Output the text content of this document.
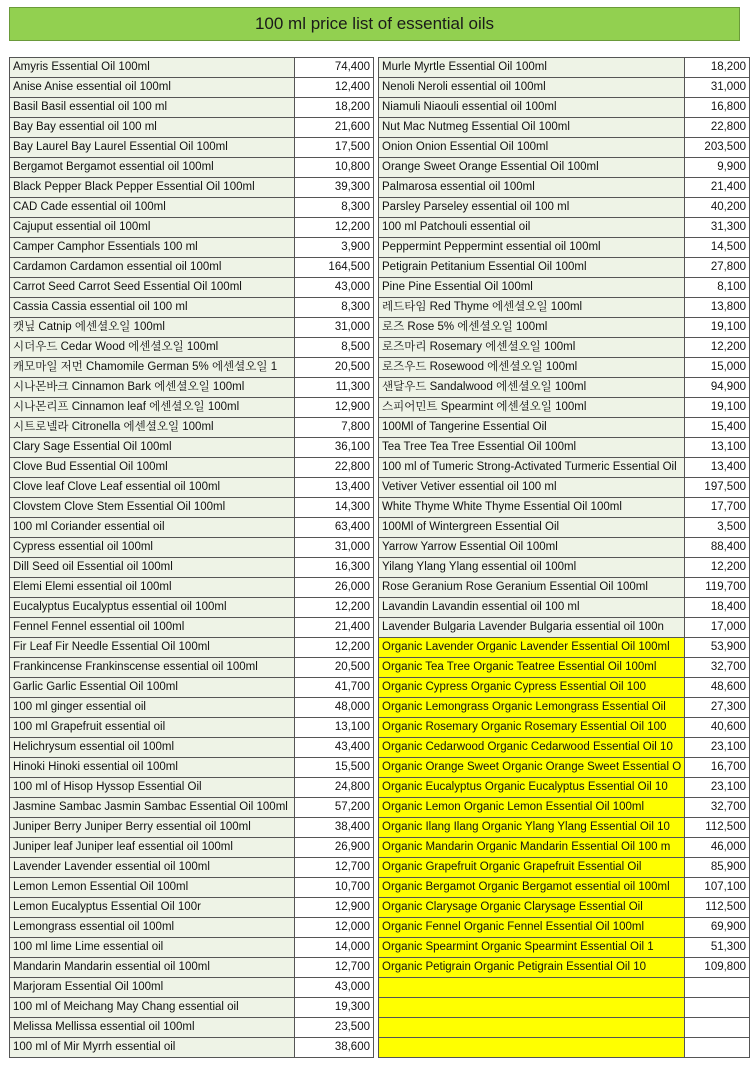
100 ml price list of essential oils
Amyris Essential Oil 100ml	74,400
Anise Anise essential oil 100ml	12,400
Basil Basil essential oil 100 ml	18,200
Bay Bay essential oil 100 ml	21,600
Bay Laurel Bay Laurel Essential Oil 100ml	17,500
Bergamot Bergamot essential oil 100ml	10,800
Black Pepper Black Pepper Essential Oil 100ml	39,300
CAD Cade essential oil 100ml	8,300
Cajuput essential oil 100ml	12,200
Camper Camphor Essentials 100 ml	3,900
Cardamon Cardamon essential oil 100ml	164,500
Carrot Seed Carrot Seed Essential Oil 100ml	43,000
Cassia Cassia essential oil 100 ml	8,300
캣닢 Catnip 에센셜오일 100ml	31,000
시더우드 Cedar Wood 에센셜오일 100ml	8,500
캐모마일 저먼 Chamomile German 5% 에센셜오일 1	20,500
시나몬바크 Cinnamon Bark 에센셜오일 100ml	11,300
시나몬리프 Cinnamon leaf 에센셜오일 100ml	12,900
시트로넬라 Citronella 에센셜오일 100ml	7,800
Clary Sage Essential Oil 100ml	36,100
Clove Bud Essential Oil 100ml	22,800
Clove leaf Clove Leaf essential oil 100ml	13,400
Clovstem Clove Stem Essential Oil 100ml	14,300
100 ml Coriander essential oil	63,400
Cypress essential oil 100ml	31,000
Dill Seed oil Essential oil 100ml	16,300
Elemi Elemi essential oil 100ml	26,000
Eucalyptus Eucalyptus essential oil 100ml	12,200
Fennel Fennel essential oil 100ml	21,400
Fir Leaf Fir Needle Essential Oil 100ml	12,200
Frankincense Frankinscense essential oil 100ml	20,500
Garlic Garlic Essential Oil 100ml	41,700
100 ml ginger essential oil	48,000
100 ml Grapefruit essential oil	13,100
Helichrysum essential oil 100ml	43,400
Hinoki Hinoki essential oil 100ml	15,500
100 ml of Hisop Hyssop Essential Oil	24,800
Jasmine Sambac Jasmin Sambac Essential Oil 100ml	57,200
Juniper Berry Juniper Berry essential oil 100ml	38,400
Juniper leaf Juniper leaf essential oil 100ml	26,900
Lavender Lavender essential oil 100ml	12,700
Lemon Lemon Essential Oil 100ml	10,700
Lemon Eucalyptus Essential Oil 100r	12,900
Lemongrass essential oil 100ml	12,000
100 ml lime Lime essential oil	14,000
Mandarin Mandarin essential oil 100ml	12,700
Marjoram Essential Oil 100ml	43,000
100 ml of Meichang May Chang essential oil	19,300
Melissa Mellissa essential oil 100ml	23,500
100 ml of Mir Myrrh essential oil	38,600
Murle Myrtle Essential Oil 100ml	18,200
Nenoli Neroli essential oil 100ml	31,000
Niamuli Niaouli essential oil 100ml	16,800
Nut Mac Nutmeg Essential Oil 100ml	22,800
Onion Onion Essential Oil 100ml	203,500
Orange Sweet Orange Essential Oil 100ml	9,900
Palmarosa essential oil 100ml	21,400
Parsley Parseley essential oil 100 ml	40,200
100 ml Patchouli essential oil	31,300
Peppermint Peppermint essential oil 100ml	14,500
Petigrain Petitanium Essential Oil 100ml	27,800
Pine Pine Essential Oil 100ml	8,100
레드타임 Red Thyme 에센셜오일 100ml	13,800
로즈 Rose 5% 에센셜오일 100ml	19,100
로즈마리 Rosemary 에센셜오일 100ml	12,200
로즈우드 Rosewood 에센셜오일 100ml	15,000
샌달우드 Sandalwood 에센셜오일 100ml	94,900
스피어민트 Spearmint 에센셜오일 100ml	19,100
100Ml of Tangerine Essential Oil	15,400
Tea Tree Tea Tree Essential Oil 100ml	13,100
100 ml of Tumeric Strong-Activated Turmeric Essential Oil	13,400
Vetiver Vetiver essential oil 100 ml	197,500
White Thyme White Thyme Essential Oil 100ml	17,700
100Ml of Wintergreen Essential Oil	3,500
Yarrow Yarrow Essential Oil 100ml	88,400
Yilang Ylang Ylang essential oil 100ml	12,200
Rose Geranium Rose Geranium Essential Oil 100ml	119,700
Lavandin Lavandin essential oil 100 ml	18,400
Lavender Bulgaria Lavender Bulgaria essential oil 100n	17,000
Organic Lavender Organic Lavender Essential Oil 100ml	53,900
Organic Tea Tree Organic Teatree Essential Oil 100ml	32,700
Organic Cypress Organic Cypress Essential Oil 100	48,600
Organic Lemongrass Organic Lemongrass Essential Oil	27,300
Organic Rosemary Organic Rosemary Essential Oil 100	40,600
Organic Cedarwood Organic Cedarwood Essential Oil 10	23,100
Organic Orange Sweet Organic Orange Sweet Essential O	16,700
Organic Eucalyptus Organic Eucalyptus Essential Oil 10	23,100
Organic Lemon Organic Lemon Essential Oil 100ml	32,700
Organic Ilang Ilang Organic Ylang Ylang Essential Oil 10	112,500
Organic Mandarin Organic Mandarin Essential Oil 100 m	46,000
Organic Grapefruit Organic Grapefruit Essential Oil	85,900
Organic Bergamot Organic Bergamot essential oil 100ml	107,100
Organic Clarysage Organic Clarysage Essential Oil	112,500
Organic Fennel Organic Fennel Essential Oil 100ml	69,900
Organic Spearmint Organic Spearmint Essential Oil 1	51,300
Organic Petigrain Organic Petigrain Essential Oil 10	109,800
